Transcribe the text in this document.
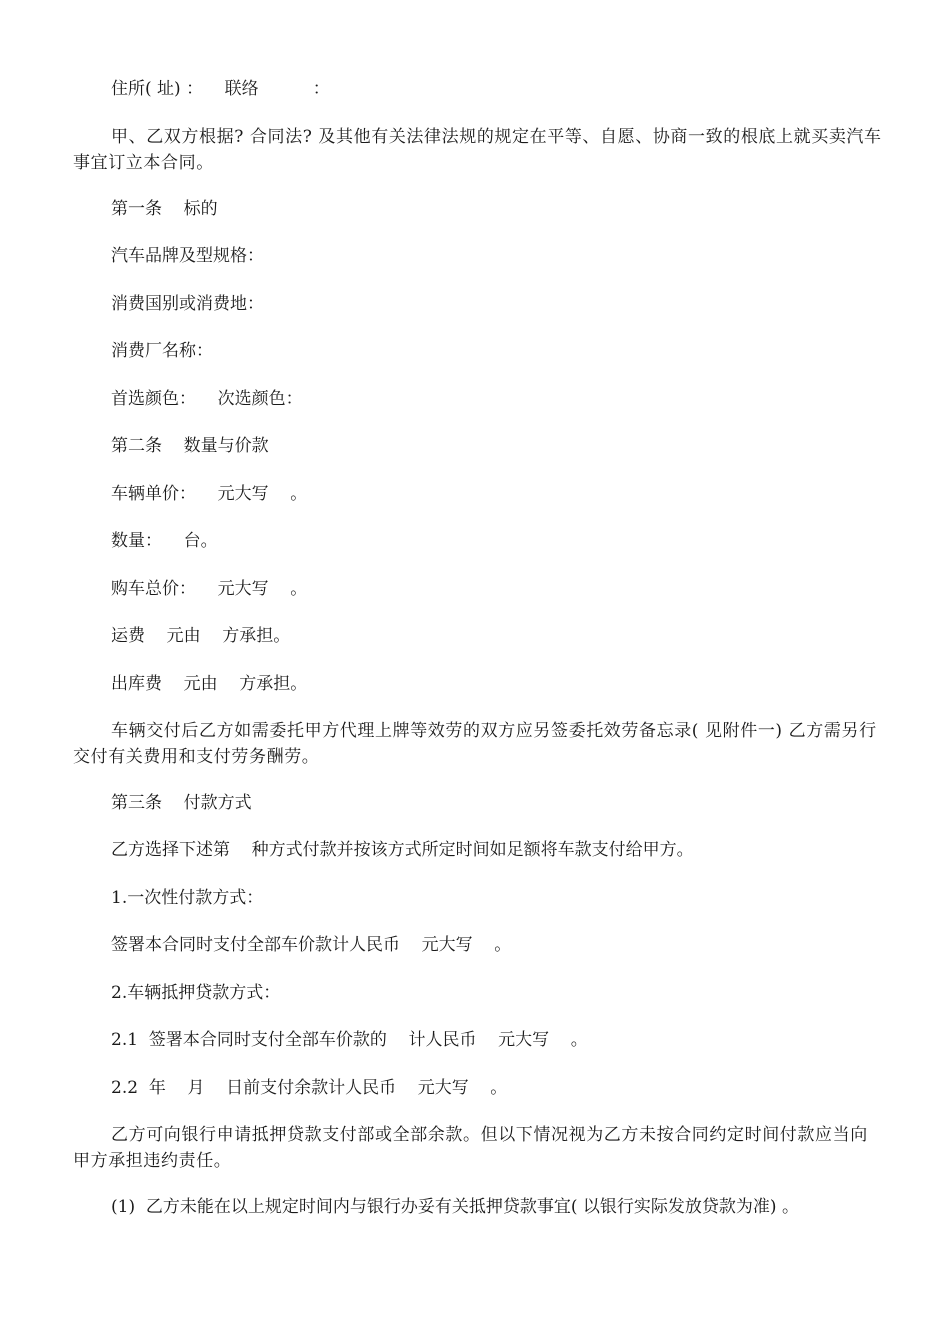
住所( 址) ：    联络          ：

甲、乙双方根据? 合同法? 及其他有关法律法规的规定在平等、自愿、协商一致的根底上就买卖汽车事宜订立本合同。

第一条    标的

汽车品牌及型规格：

消费国别或消费地：

消费厂名称：

首选颜色：    次选颜色：

第二条    数量与价款

车辆单价：    元大写    。

数量：    台。

购车总价：    元大写    。

运费    元由    方承担。

出库费    元由    方承担。

车辆交付后乙方如需委托甲方代理上牌等效劳的双方应另签委托效劳备忘录( 见附件一) 乙方需另行交付有关费用和支付劳务酬劳。

第三条    付款方式

乙方选择下述第    种方式付款并按该方式所定时间如足额将车款支付给甲方。

1.一次性付款方式：

签署本合同时支付全部车价款计人民币    元大写    。

2.车辆抵押贷款方式：

2.1  签署本合同时支付全部车价款的    计人民币    元大写    。

2.2  年    月    日前支付余款计人民币    元大写    。

乙方可向银行申请抵押贷款支付部或全部余款。但以下情况视为乙方未按合同约定时间付款应当向甲方承担违约责任。

(1)  乙方未能在以上规定时间内与银行办妥有关抵押贷款事宜( 以银行实际发放贷款为准) 。
